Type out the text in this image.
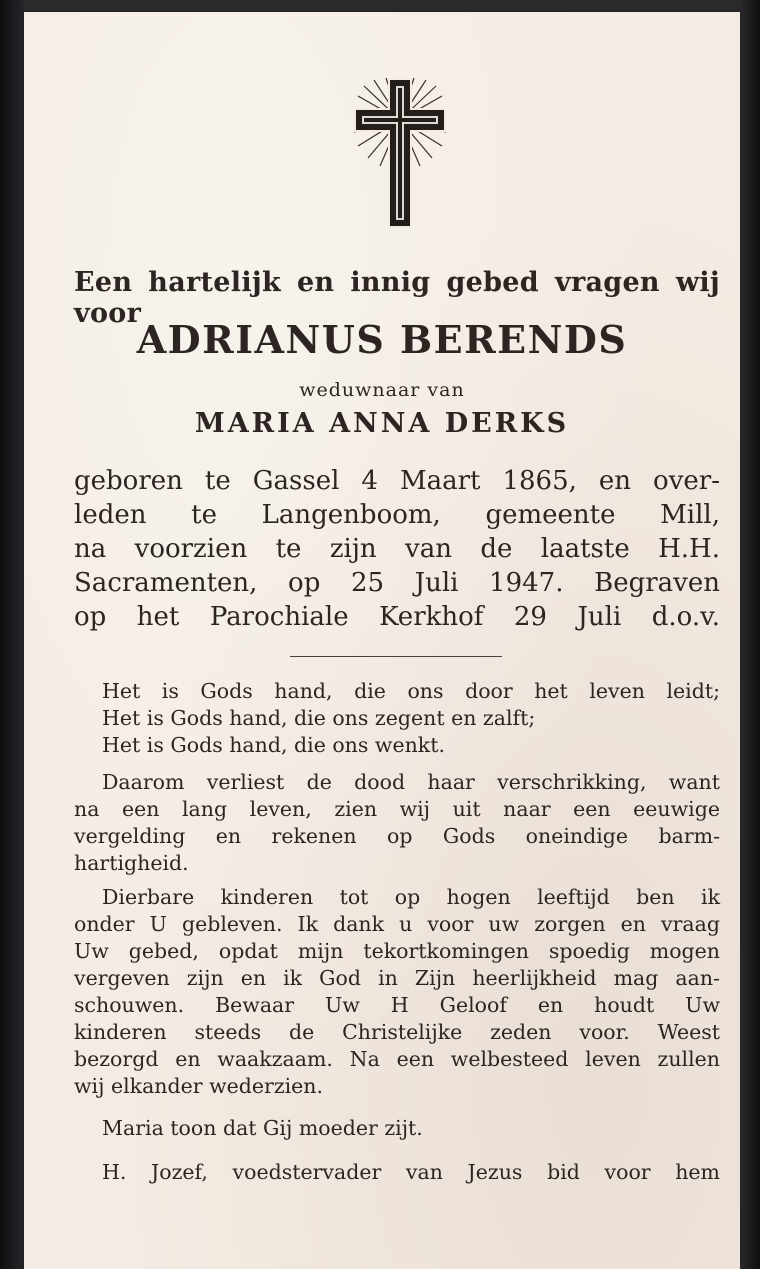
Een hartelijk en innig gebed vragen wij voor
ADRIANUS BERENDS
weduwnaar van
MARIA ANNA DERKS
geboren te Gassel 4 Maart 1865, en over-
leden te Langenboom, gemeente Mill,
na voorzien te zijn van de laatste H.H.
Sacramenten, op 25 Juli 1947. Begraven
op het Parochiale Kerkhof 29 Juli d.o.v.
Het is Gods hand, die ons door het leven leidt;
Het is Gods hand, die ons zegent en zalft;
Het is Gods hand, die ons wenkt.
Daarom verliest de dood haar verschrikking, want
na een lang leven, zien wij uit naar een eeuwige
vergelding en rekenen op Gods oneindige barm-
hartigheid.
Dierbare kinderen tot op hogen leeftijd ben ik
onder U gebleven. Ik dank u voor uw zorgen en vraag
Uw gebed, opdat mijn tekortkomingen spoedig mogen
vergeven zijn en ik God in Zijn heerlijkheid mag aan-
schouwen. Bewaar Uw H Geloof en houdt Uw
kinderen steeds de Christelijke zeden voor. Weest
bezorgd en waakzaam. Na een welbesteed leven zullen
wij elkander wederzien.
Maria toon dat Gij moeder zijt.
H. Jozef, voedstervader van Jezus bid voor hem
